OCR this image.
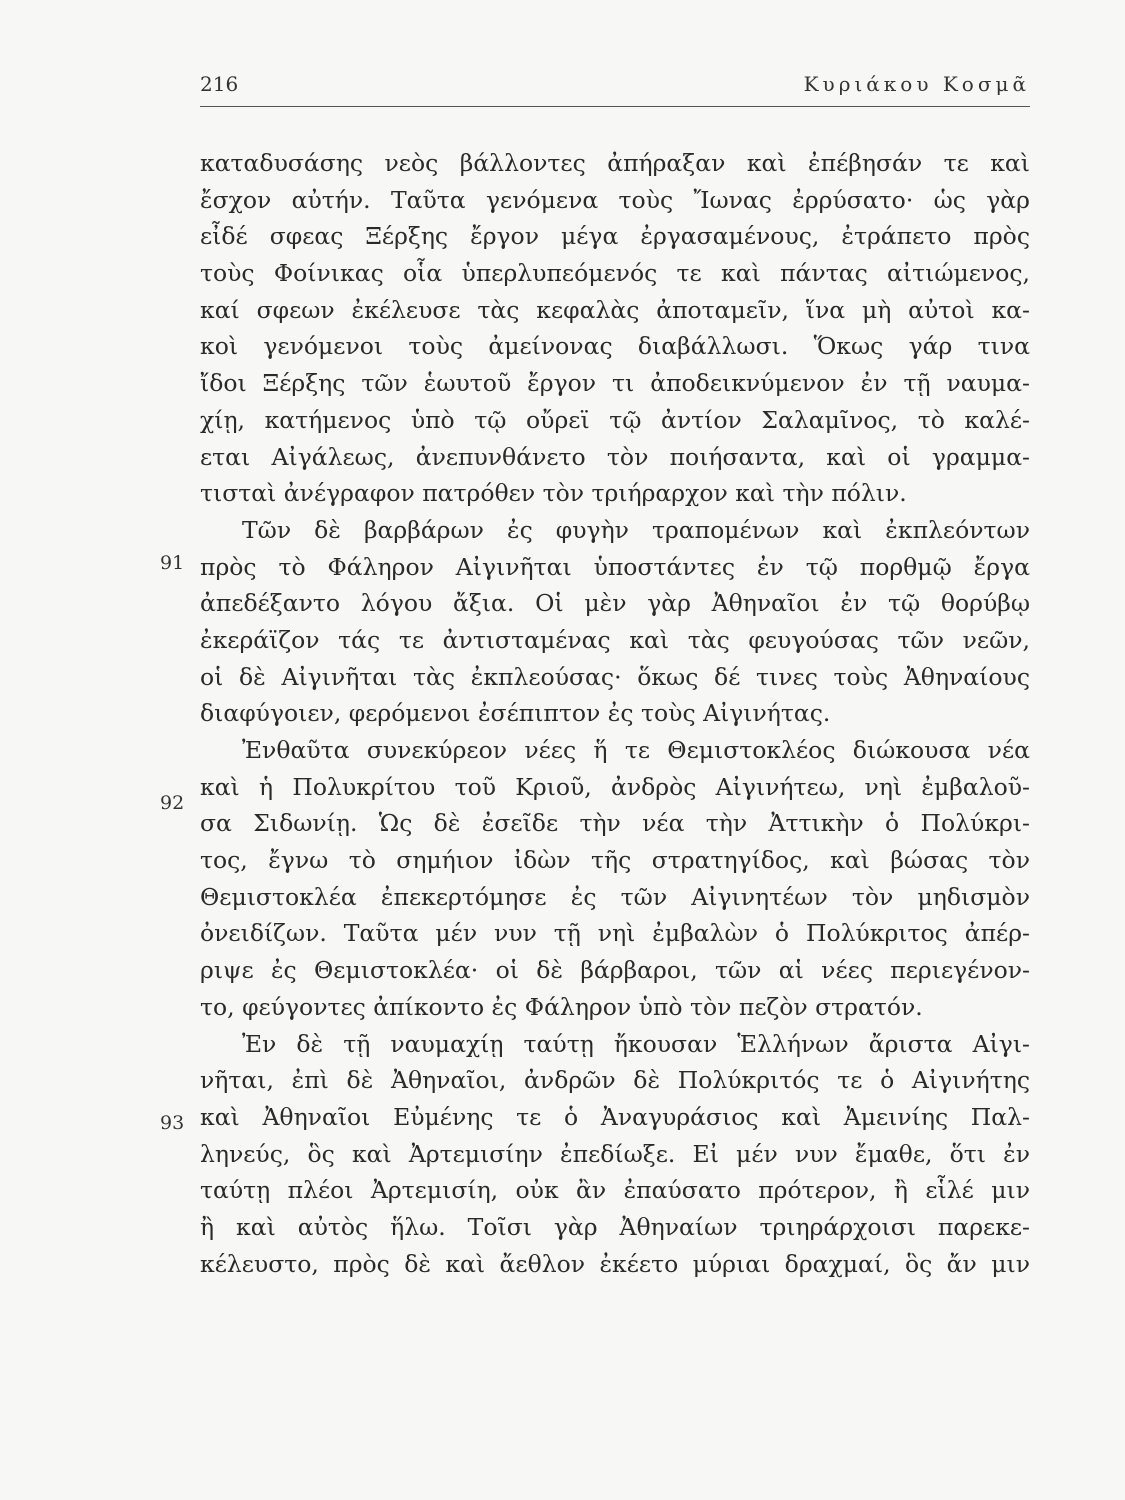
216	Κυριάκου Κοσμᾶ
91
92
93
καταδυσάσης νεὸς βάλλοντες ἀπήραξαν καὶ ἐπέβησάν τε καὶ
ἔσχον αὐτήν. Ταῦτα γενόμενα τοὺς Ἴωνας ἐρρύσατο· ὡς γὰρ
εἶδέ σφεας Ξέρξης ἔργον μέγα ἐργασαμένους, ἐτράπετο πρὸς
τοὺς Φοίνικας οἷα ὑπερλυπεόμενός τε καὶ πάντας αἰτιώμενος,
καί σφεων ἐκέλευσε τὰς κεφαλὰς ἀποταμεῖν, ἵνα μὴ αὐτοὶ κα-
κοὶ γενόμενοι τοὺς ἀμείνονας διαβάλλωσι. Ὅκως γάρ τινα
ἴδοι Ξέρξης τῶν ἑωυτοῦ ἔργον τι ἀποδεικνύμενον ἐν τῇ ναυμα-
χίῃ, κατήμενος ὑπὸ τῷ οὔρεϊ τῷ ἀντίον Σαλαμῖνος, τὸ καλέ-
εται Αἰγάλεως, ἀνεπυνθάνετο τὸν ποιήσαντα, καὶ οἱ γραμμα-
τισταὶ ἀνέγραφον πατρόθεν τὸν τριήραρχον καὶ τὴν πόλιν.
Τῶν δὲ βαρβάρων ἐς φυγὴν τραπομένων καὶ ἐκπλεόντων
πρὸς τὸ Φάληρον Αἰγινῆται ὑποστάντες ἐν τῷ πορθμῷ ἔργα
ἀπεδέξαντο λόγου ἄξια. Οἱ μὲν γὰρ Ἀθηναῖοι ἐν τῷ θορύβῳ
ἐκεράϊζον τάς τε ἀντισταμένας καὶ τὰς φευγούσας τῶν νεῶν,
οἱ δὲ Αἰγινῆται τὰς ἐκπλεούσας· ὅκως δέ τινες τοὺς Ἀθηναίους
διαφύγοιεν, φερόμενοι ἐσέπιπτον ἐς τοὺς Αἰγινήτας.
Ἐνθαῦτα συνεκύρεον νέες ἥ τε Θεμιστοκλέος διώκουσα νέα
καὶ ἡ Πολυκρίτου τοῦ Κριοῦ, ἀνδρὸς Αἰγινήτεω, νηὶ ἐμβαλοῦ-
σα Σιδωνίῃ. Ὡς δὲ ἐσεῖδε τὴν νέα τὴν Ἀττικὴν ὁ Πολύκρι-
τος, ἔγνω τὸ σημήιον ἰδὼν τῆς στρατηγίδος, καὶ βώσας τὸν
Θεμιστοκλέα ἐπεκερτόμησε ἐς τῶν Αἰγινητέων τὸν μηδισμὸν
ὀνειδίζων. Ταῦτα μέν νυν τῇ νηὶ ἐμβαλὼν ὁ Πολύκριτος ἀπέρ-
ριψε ἐς Θεμιστοκλέα· οἱ δὲ βάρβαροι, τῶν αἱ νέες περιεγένον-
το, φεύγοντες ἀπίκοντο ἐς Φάληρον ὑπὸ τὸν πεζὸν στρατόν.
Ἐν δὲ τῇ ναυμαχίῃ ταύτῃ ἤκουσαν Ἑλλήνων ἄριστα Αἰγι-
νῆται, ἐπὶ δὲ Ἀθηναῖοι, ἀνδρῶν δὲ Πολύκριτός τε ὁ Αἰγινήτης
καὶ Ἀθηναῖοι Εὐμένης τε ὁ Ἀναγυράσιος καὶ Ἀμεινίης Παλ-
ληνεύς, ὃς καὶ Ἀρτεμισίην ἐπεδίωξε. Εἰ μέν νυν ἔμαθε, ὅτι ἐν
ταύτῃ πλέοι Ἀρτεμισίη, οὐκ ἂν ἐπαύσατο πρότερον, ἢ εἷλέ μιν
ἢ καὶ αὐτὸς ἥλω. Τοῖσι γὰρ Ἀθηναίων τριηράρχοισι παρεκε-
κέλευστο, πρὸς δὲ καὶ ἄεθλον ἐκέετο μύριαι δραχμαί, ὃς ἄν μιν
